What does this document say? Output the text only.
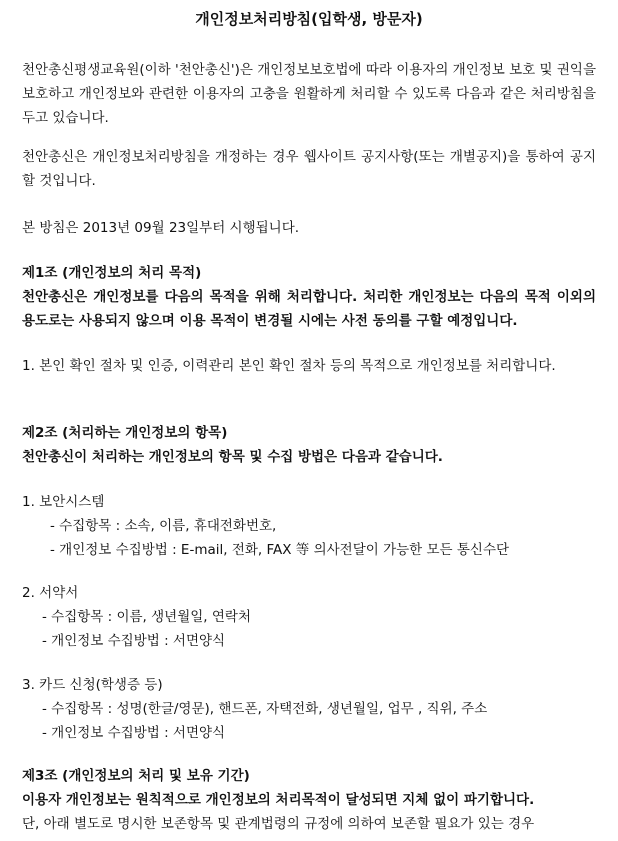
개인정보처리방침(입학생, 방문자)
천안총신평생교육원(이하 '천안총신')은 개인정보보호법에 따라 이용자의 개인정보 보호 및 권익을 보호하고 개인정보와 관련한 이용자의 고충을 원활하게 처리할 수 있도록 다음과 같은 처리방침을 두고 있습니다.
천안총신은 개인정보처리방침을 개정하는 경우 웹사이트 공지사항(또는 개별공지)을 통하여 공지할 것입니다.
본 방침은 2013년 09월 23일부터 시행됩니다.
제1조 (개인정보의 처리 목적)
천안총신은 개인정보를 다음의 목적을 위해 처리합니다. 처리한 개인정보는 다음의 목적 이외의 용도로는 사용되지 않으며 이용 목적이 변경될 시에는 사전 동의를 구할 예정입니다.
1. 본인 확인 절차 및 인증, 이력관리 본인 확인 절차 등의 목적으로 개인정보를 처리합니다.
제2조 (처리하는 개인정보의 항목)
천안총신이 처리하는 개인정보의 항목 및 수집 방법은 다음과 같습니다.
1. 보안시스템
- 수집항목 : 소속, 이름, 휴대전화번호,
- 개인정보 수집방법 : E-mail, 전화, FAX 等 의사전달이 가능한 모든 통신수단
2. 서약서
- 수집항목 : 이름, 생년월일, 연락처
- 개인정보 수집방법 : 서면양식
3. 카드 신청(학생증 등)
- 수집항목 : 성명(한글/영문), 핸드폰, 자택전화, 생년월일, 업무 , 직위, 주소
- 개인정보 수집방법 : 서면양식
제3조 (개인정보의 처리 및 보유 기간)
이용자 개인정보는 원칙적으로 개인정보의 처리목적이 달성되면 지체 없이 파기합니다.
단, 아래 별도로 명시한 보존항목 및 관계법령의 규정에 의하여 보존할 필요가 있는 경우
